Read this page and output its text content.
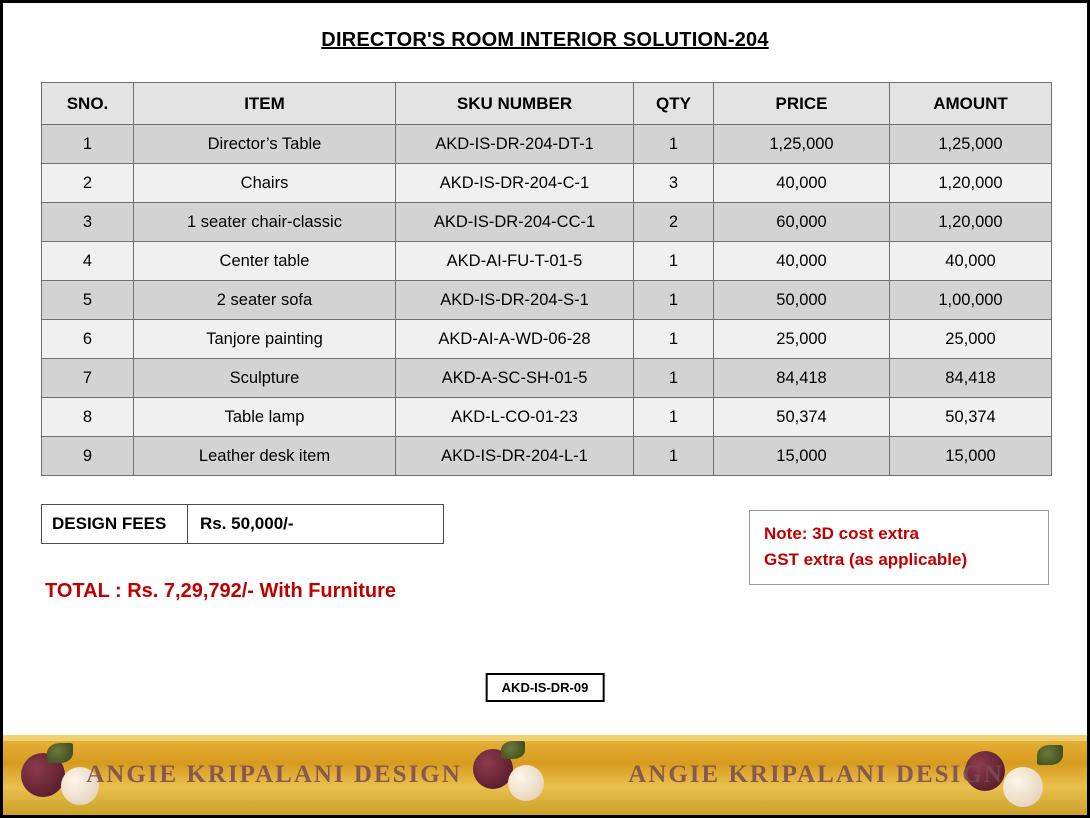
DIRECTOR'S ROOM INTERIOR SOLUTION-204
SNO.	ITEM	SKU NUMBER	QTY	PRICE	AMOUNT
1	Director’s Table	AKD-IS-DR-204-DT-1	1	1,25,000	1,25,000
2	Chairs	AKD-IS-DR-204-C-1	3	40,000	1,20,000
3	1 seater chair-classic	AKD-IS-DR-204-CC-1	2	60,000	1,20,000
4	Center table	AKD-AI-FU-T-01-5	1	40,000	40,000
5	2 seater sofa	AKD-IS-DR-204-S-1	1	50,000	1,00,000
6	Tanjore painting	AKD-AI-A-WD-06-28	1	25,000	25,000
7	Sculpture	AKD-A-SC-SH-01-5	1	84,418	84,418
8	Table lamp	AKD-L-CO-01-23	1	50,374	50,374
9	Leather desk item	AKD-IS-DR-204-L-1	1	15,000	15,000
DESIGN FEES	Rs. 50,000/-
TOTAL : Rs. 7,29,792/- With Furniture
Note: 3D cost extra
GST extra (as applicable)
AKD-IS-DR-09
ANGIE KRIPALANI DESIGN	ANGIE KRIPALANI DESIGN
